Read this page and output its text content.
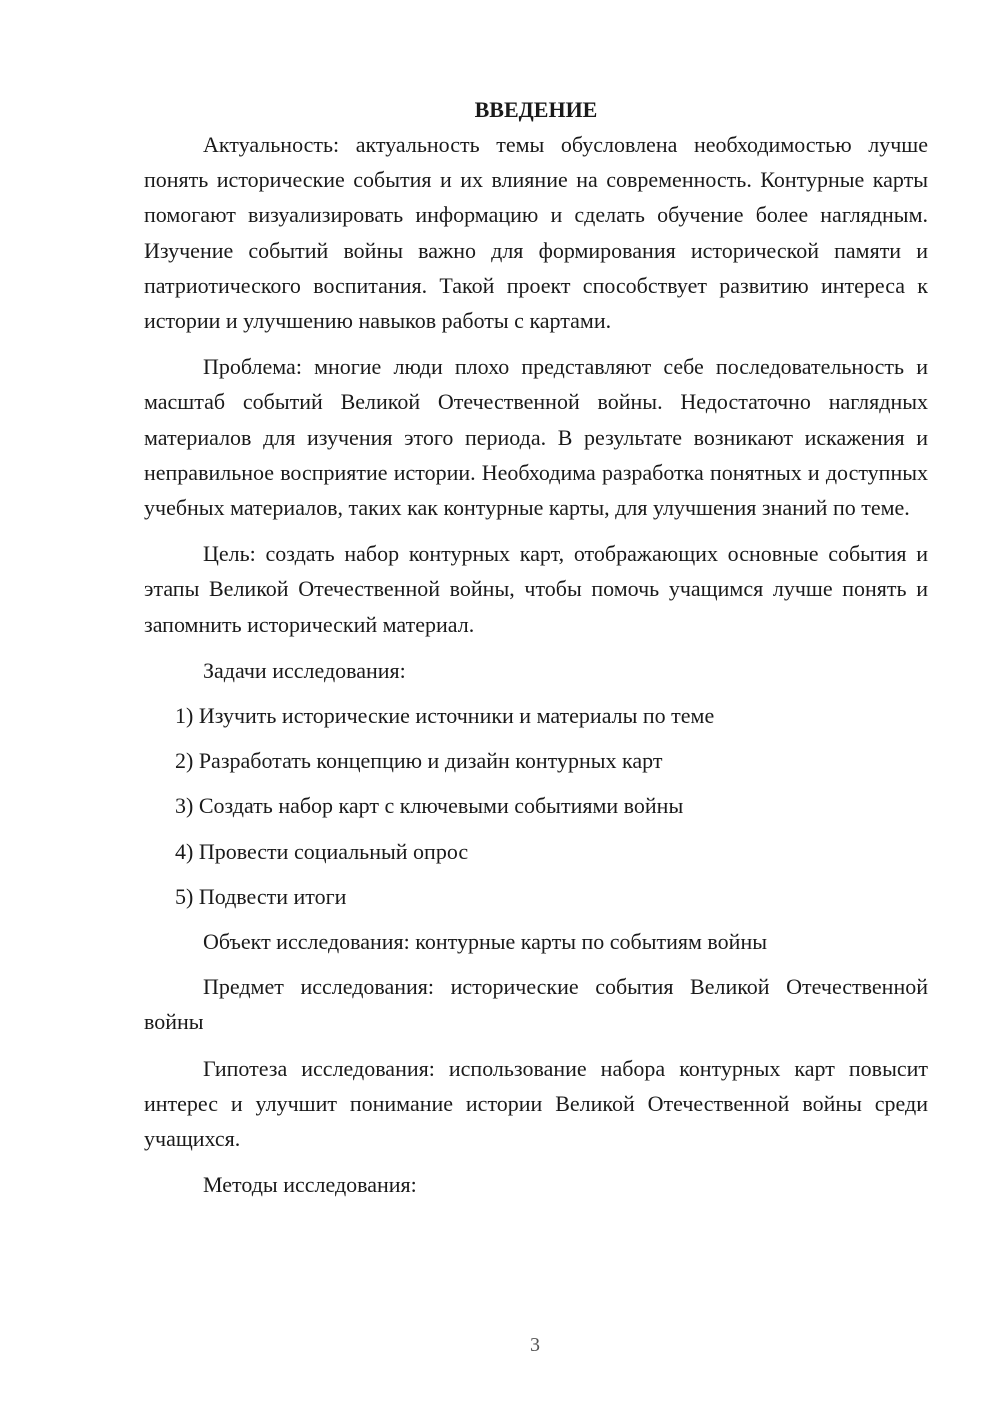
ВВЕДЕНИЕ

Актуальность: актуальность темы обусловлена необходимостью лучше понять исторические события и их влияние на современность. Контурные карты помогают визуализировать информацию и сделать обучение более наглядным. Изучение событий войны важно для формирования исторической памяти и патриотического воспитания. Такой проект способствует развитию интереса к истории и улучшению навыков работы с картами.

Проблема: многие люди плохо представляют себе последовательность и масштаб событий Великой Отечественной войны. Недостаточно наглядных материалов для изучения этого периода. В результате возникают искажения и неправильное восприятие истории. Необходима разработка понятных и доступных учебных материалов, таких как контурные карты, для улучшения знаний по теме.

Цель: создать набор контурных карт, отображающих основные события и этапы Великой Отечественной войны, чтобы помочь учащимся лучше понять и запомнить исторический материал.

Задачи исследования:

1) Изучить исторические источники и материалы по теме

2) Разработать концепцию и дизайн контурных карт

3) Создать набор карт с ключевыми событиями войны

4) Провести социальный опрос

5) Подвести итоги

Объект исследования: контурные карты по событиям войны

Предмет исследования: исторические события Великой Отечественной войны

Гипотеза исследования: использование набора контурных карт повысит интерес и улучшит понимание истории Великой Отечественной войны среди учащихся.

Методы исследования:

3
